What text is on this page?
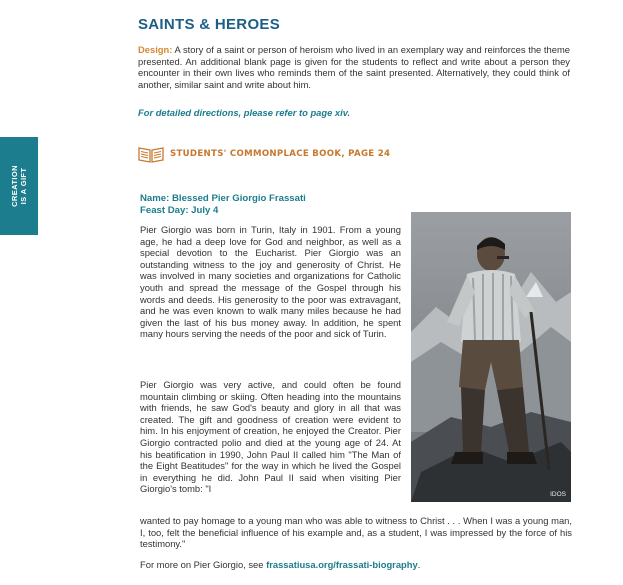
CREATION IS A GIFT
SAINTS & HEROES

Design: A story of a saint or person of heroism who lived in an exemplary way and reinforces the theme presented. An additional blank page is given for the students to reflect and write about a person they encounter in their own lives who reminds them of the saint presented. Alternatively, they could think of another, similar saint and write about him.

For detailed directions, please refer to page xiv.
STUDENTS' COMMONPLACE BOOK, PAGE 24
Name: Blessed Pier Giorgio Frassati
Feast Day: July 4

Pier Giorgio was born in Turin, Italy in 1901. From a young age, he had a deep love for God and neighbor, as well as a special devotion to the Eucharist. Pier Giorgio was an outstanding witness to the joy and generosity of Christ. He was involved in many societies and organizations for Catholic youth and spread the message of the Gospel through his words and deeds. His generosity to the poor was extravagant, and he was even known to walk many miles because he had given the last of his bus money away. In addition, he spent many hours serving the needs of the poor and sick of Turin.

Pier Giorgio was very active, and could often be found mountain climbing or skiing. Often heading into the mountains with friends, he saw God's beauty and glory in all that was created. The gift and goodness of creation were evident to him. In his enjoyment of creation, he enjoyed the Creator. Pier Giorgio contracted polio and died at the young age of 24. At his beatification in 1990, John Paul II called him "The Man of the Eight Beatitudes" for the way in which he lived the Gospel in everything he did. John Paul II said when visiting Pier Giorgio's tomb: "I

wanted to pay homage to a young man who was able to witness to Christ . . . When I was a young man, I, too, felt the beneficial influence of his example and, as a student, I was impressed by the force of his testimony."

For more on Pier Giorgio, see frassatiusa.org/frassati-biography.

IDOS
